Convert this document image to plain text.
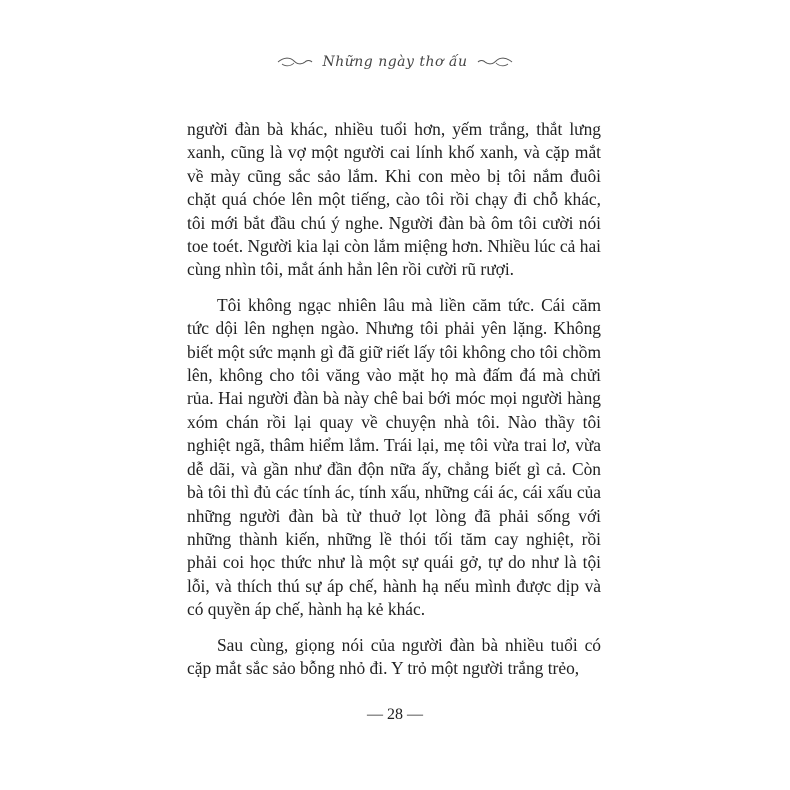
Những ngày thơ ấu

người đàn bà khác, nhiều tuổi hơn, yếm trắng, thắt lưng xanh, cũng là vợ một người cai lính khố xanh, và cặp mắt về mày cũng sắc sảo lắm. Khi con mèo bị tôi nắm đuôi chặt quá chóe lên một tiếng, cào tôi rồi chạy đi chỗ khác, tôi mới bắt đầu chú ý nghe. Người đàn bà ôm tôi cười nói toe toét. Người kia lại còn lắm miệng hơn. Nhiều lúc cả hai cùng nhìn tôi, mắt ánh hẳn lên rồi cười rũ rượi.

Tôi không ngạc nhiên lâu mà liền căm tức. Cái căm tức dội lên nghẹn ngào. Nhưng tôi phải yên lặng. Không biết một sức mạnh gì đã giữ riết lấy tôi không cho tôi chồm lên, không cho tôi văng vào mặt họ mà đấm đá mà chửi rủa. Hai người đàn bà này chê bai bới móc mọi người hàng xóm chán rồi lại quay về chuyện nhà tôi. Nào thầy tôi nghiệt ngã, thâm hiểm lắm. Trái lại, mẹ tôi vừa trai lơ, vừa dễ dãi, và gần như đần độn nữa ấy, chẳng biết gì cả. Còn bà tôi thì đủ các tính ác, tính xấu, những cái ác, cái xấu của những người đàn bà từ thuở lọt lòng đã phải sống với những thành kiến, những lề thói tối tăm cay nghiệt, rồi phải coi học thức như là một sự quái gở, tự do như là tội lỗi, và thích thú sự áp chế, hành hạ nếu mình được dịp và có quyền áp chế, hành hạ kẻ khác.

Sau cùng, giọng nói của người đàn bà nhiều tuổi có cặp mắt sắc sảo bỗng nhỏ đi. Y trỏ một người trắng trẻo,

— 28 —
